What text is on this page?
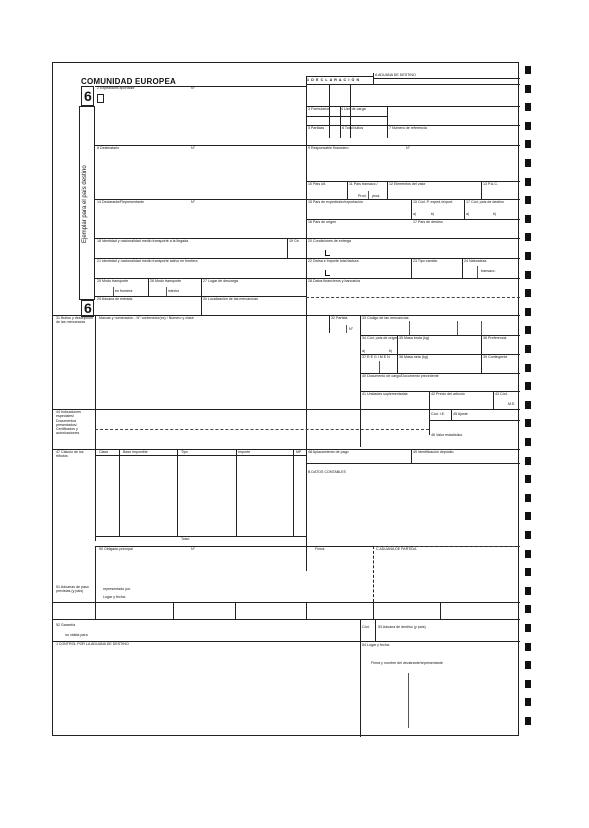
COMUNIDAD EUROPEA
A ADUANA DE DESTINO
1 D E C L A R A C I Ó N
6
Ejemplar para el país destino
6
2 Expedidor/Exportador	N°
3 Formularios	4 List. de carga
5 Partidas	6 Total bultos	7 Número de referencia
8 Destinatario	N°	9 Responsable financiero	N°
10 País últ.	11 País transacc./
Prod. prod.
12 Elementos del valor	13 P.A.C.
14 Declarante/Representante	N°	15 País de expedición/exportación	15 Cód. P. exped./export.	17 Cód. país de destino
a|	b|	a|	b|
16 País de origen	17 País de destino
18 Identidad y nacionalidad medio transporte a la llegada	19 Ctr. 20 Condiciones de entrega
21 Identidad y nacionalidad medio transporte activo en frontera	22 Divisa e importe total factura	23 Tipo cambio	24 Naturaleza
transacc.
25 Modo transporte
en frontera
26 Modo transporte
interior
27 Lugar de descarga	28 Datos financieros y bancarios
29 Aduana de entrada	30 Localización de las mercancías
31 Bultos y descripción de las mercancías
Marcas y numeración - N° contenedor(es) / Número y clase	32 Partida
N°
33 Código de las mercancías
34 Cód. país de origen 35 Masa bruta (kg)	36 Preferencia
a|	b|
37 R É G I M E N	38 Masa neta (kg)	39 Contingente
40 Documento de cargo/Documento precedente
41 Unidades suplementarias	42 Precio del artículo	43 Cód.
M.E.
44 Indicaciones especiales/ Documentos presentados/ Certificados y autorizaciones
Cód. I.E. 45 Ajuste
46 Valor estadístico
47 Cálculo de los tributos
Clase	Base imponible	Tipo	Importe	MP
Total:
48 Aplazamiento de pago	49 Identificación depósito
B DATOS CONTABLES
50 Obligado principal	N°	Firma:	C ADUANA DE PARTIDA
representado por
Lugar y fecha:
51 Aduanas de paso previstas (y país)
52 Garantía
no válida para
Cód. 53 Aduana de destino (y país)
J CONTROL POR LA ADUANA DE DESTINO	54 Lugar y fecha:
Firma y nombre del declarante/representante
